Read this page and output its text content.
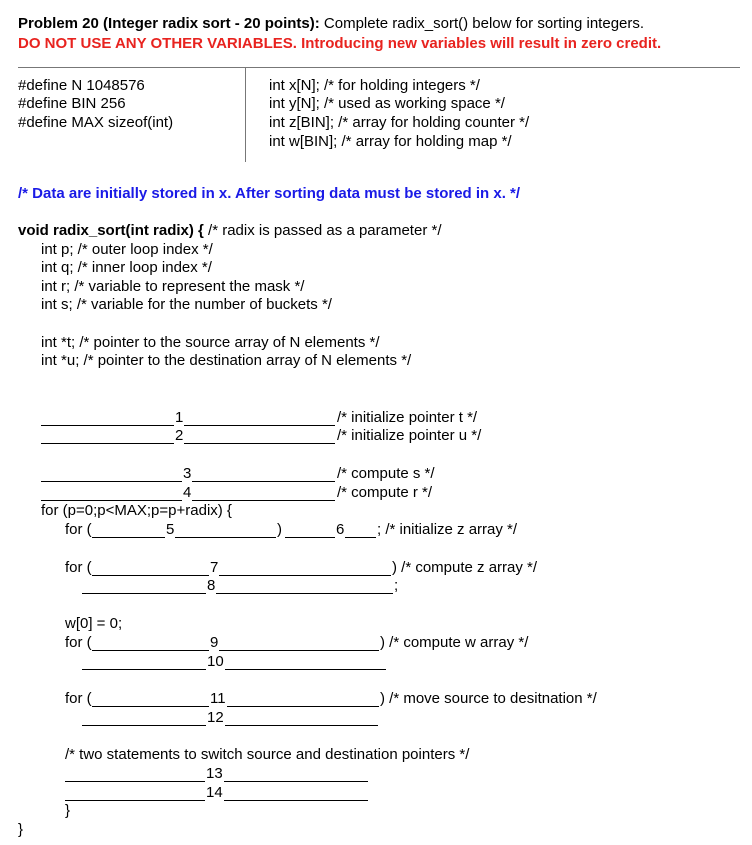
Problem 20 (Integer radix sort - 20 points): Complete radix_sort() below for sorting integers.
DO NOT USE ANY OTHER VARIABLES. Introducing new variables will result in zero credit.
#define N 1048576
#define BIN 256
#define MAX sizeof(int)
int x[N]; /* for holding integers */
int y[N]; /* used as working space */
int z[BIN]; /* array for holding counter */
int w[BIN]; /* array for holding map */
/* Data are initially stored in x. After sorting data must be stored in x. */
void radix_sort(int radix) { /* radix is passed as a parameter */
int p; /* outer loop index */
int q; /* inner loop index */
int r; /* variable to represent the mask */
int s; /* variable for the number of buckets */
int *t; /* pointer to the source array of N elements */
int *u; /* pointer to the destination array of N elements */
1	/* initialize pointer t */
2	/* initialize pointer u */
3	/* compute s */
4	/* compute r */
for (p=0;p<MAX;p=p+radix) {
for (	5	)	6 ; /* initialize z array */
for (	7	) /* compute z array */
8	;
w[0] = 0;
for (	9	) /* compute w array */
10
for (	11	) /* move source to desitnation */
12
/* two statements to switch source and destination pointers */
13
14
}
}
